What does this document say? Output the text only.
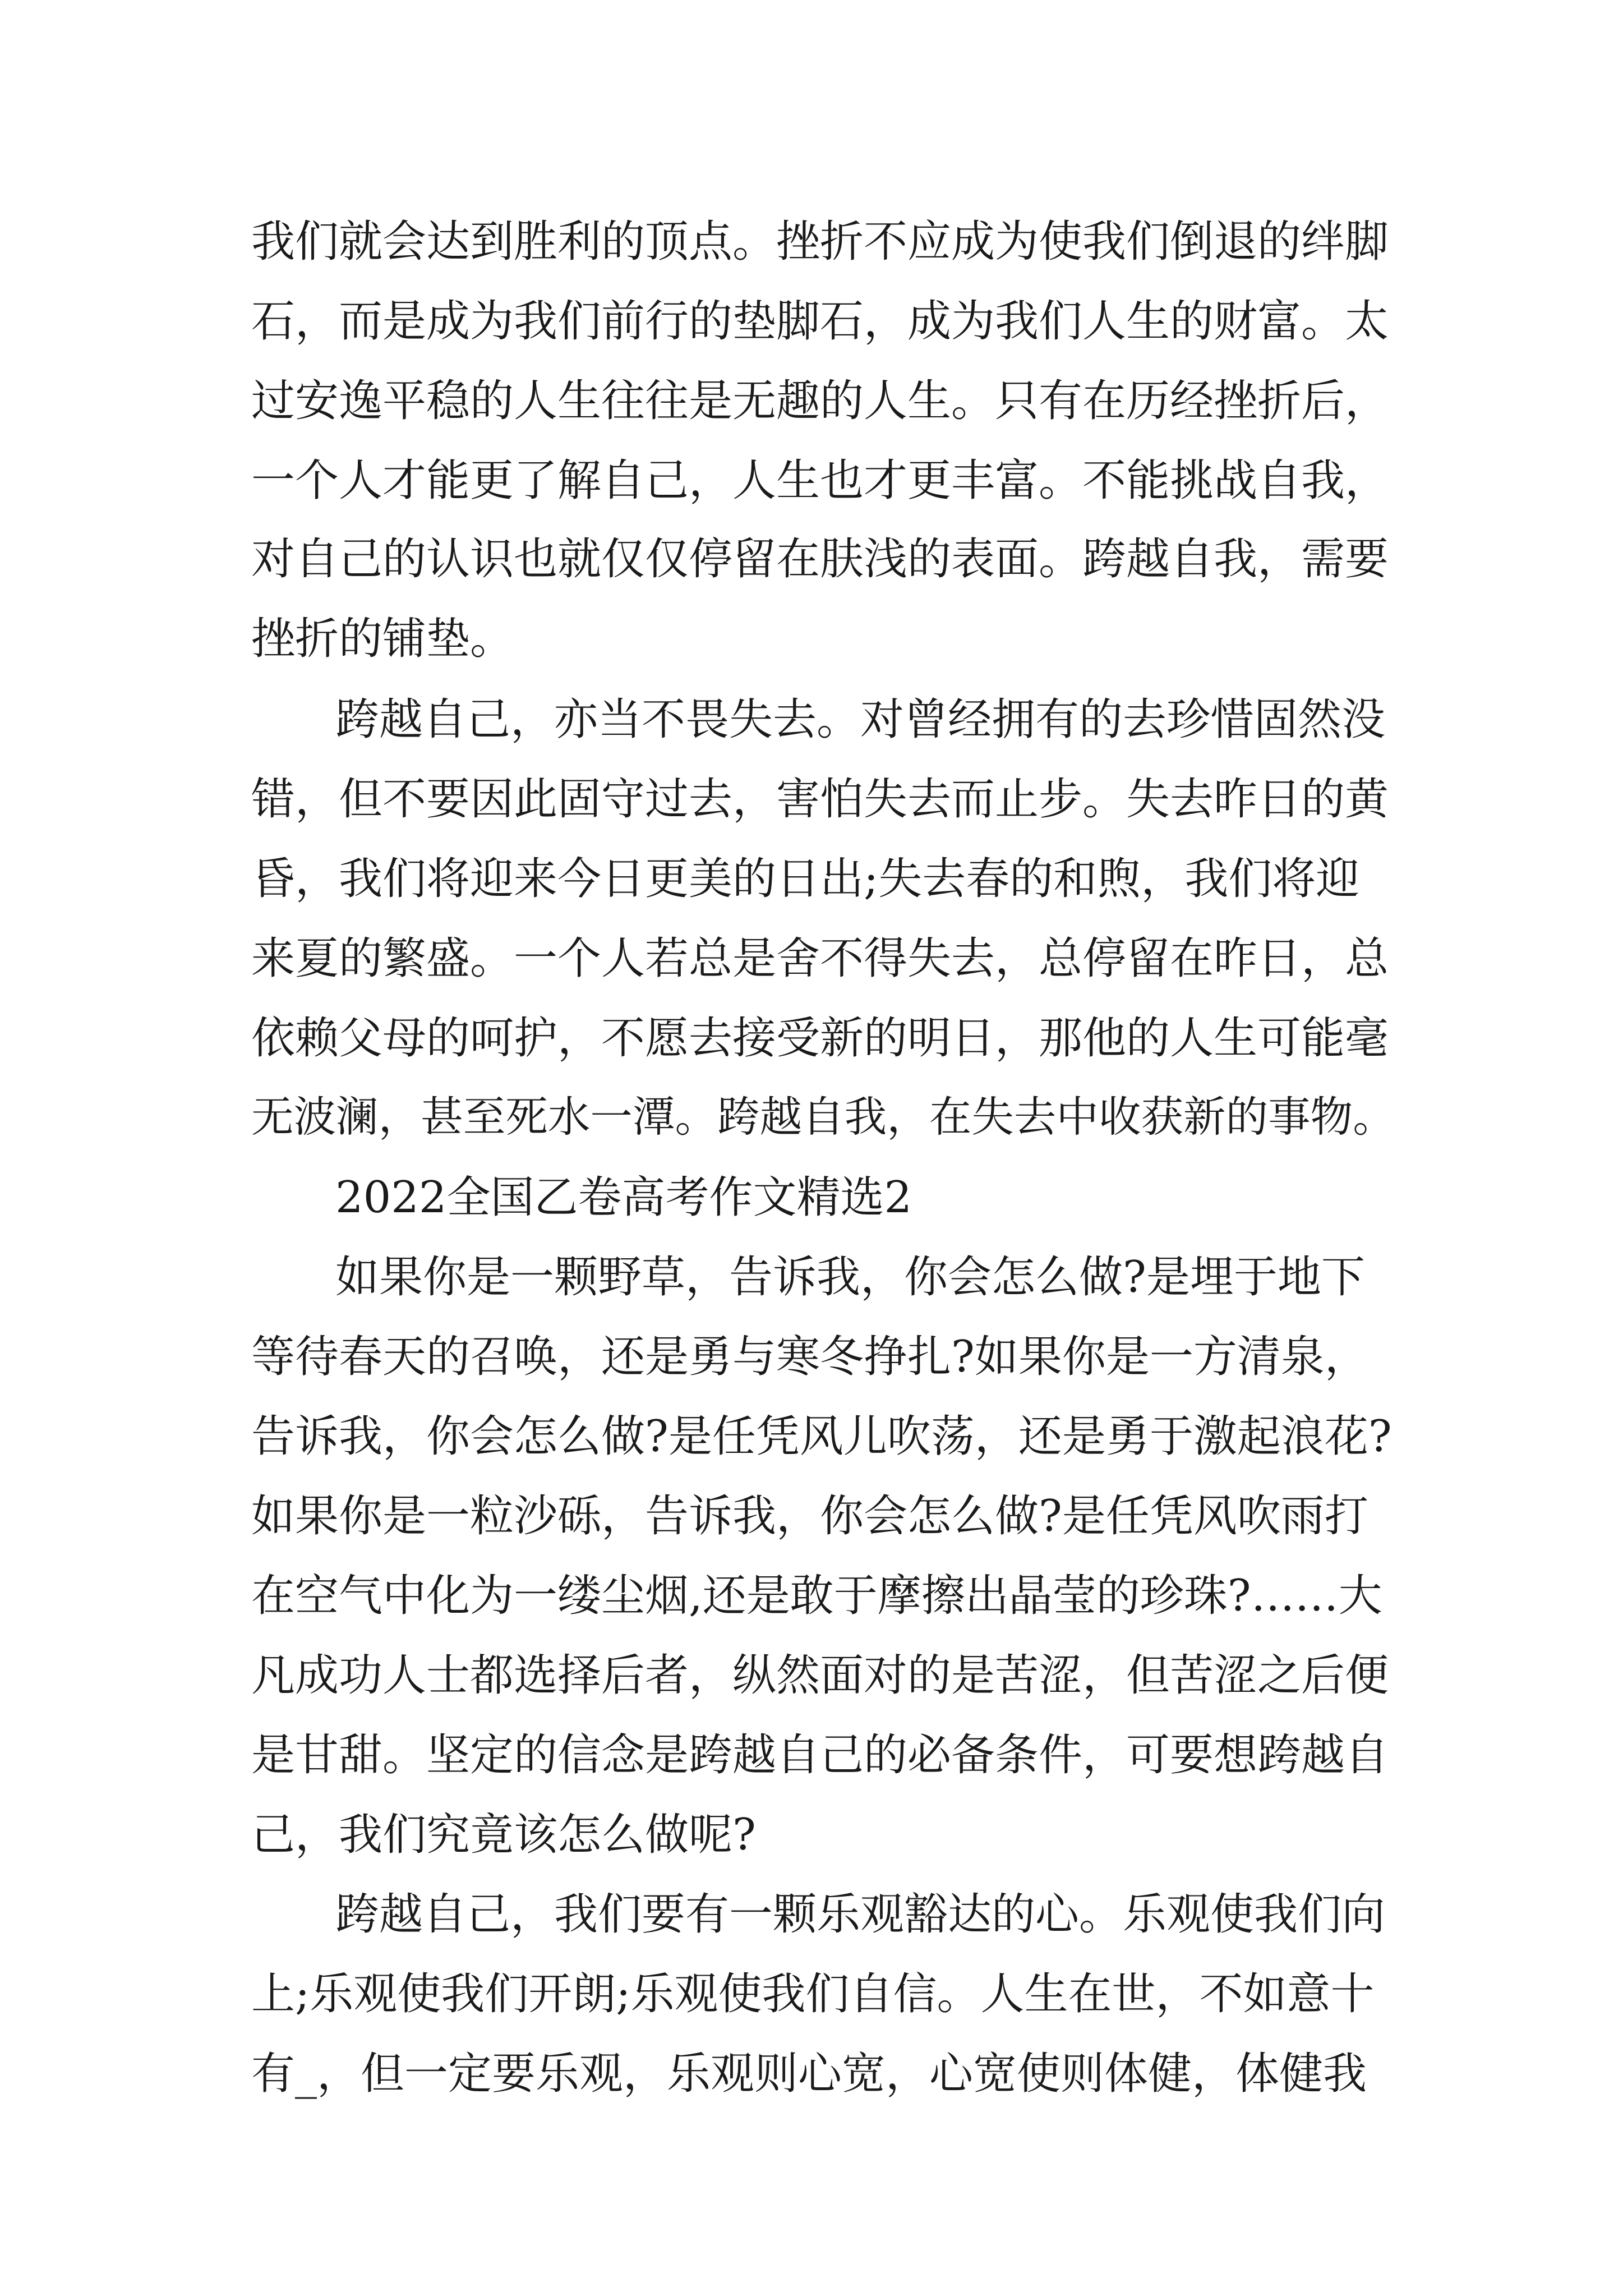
我们就会达到胜利的顶点。挫折不应成为使我们倒退的绊脚
石，而是成为我们前行的垫脚石，成为我们人生的财富。太
过安逸平稳的人生往往是无趣的人生。只有在历经挫折后，
一个人才能更了解自己，人生也才更丰富。不能挑战自我，
对自己的认识也就仅仅停留在肤浅的表面。跨越自我，需要
挫折的铺垫。
跨越自己，亦当不畏失去。对曾经拥有的去珍惜固然没
错，但不要因此固守过去，害怕失去而止步。失去昨日的黄
昏，我们将迎来今日更美的日出;失去春的和煦，我们将迎
来夏的繁盛。一个人若总是舍不得失去，总停留在昨日，总
依赖父母的呵护，不愿去接受新的明日，那他的人生可能毫
无波澜，甚至死水一潭。跨越自我，在失去中收获新的事物。
2022全国乙卷高考作文精选2
如果你是一颗野草，告诉我，你会怎么做?是埋于地下
等待春天的召唤，还是勇与寒冬挣扎?如果你是一方清泉，
告诉我，你会怎么做?是任凭风儿吹荡，还是勇于激起浪花?
如果你是一粒沙砾，告诉我，你会怎么做?是任凭风吹雨打
在空气中化为一缕尘烟,还是敢于摩擦出晶莹的珍珠?……大
凡成功人士都选择后者，纵然面对的是苦涩，但苦涩之后便
是甘甜。坚定的信念是跨越自己的必备条件，可要想跨越自
己，我们究竟该怎么做呢?
跨越自己，我们要有一颗乐观豁达的心。乐观使我们向
上;乐观使我们开朗;乐观使我们自信。人生在世，不如意十
有_，但一定要乐观，乐观则心宽，心宽使则体健，体健我
